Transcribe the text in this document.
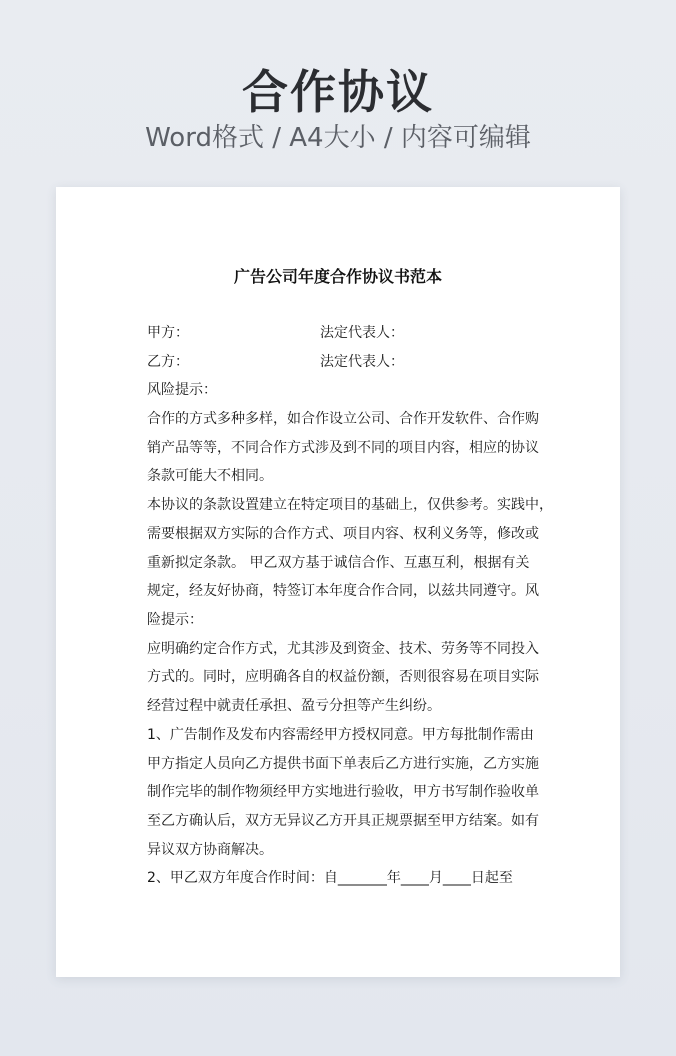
合作协议
Word格式 / A4大小 / 内容可编辑
广告公司年度合作协议书范本
甲方：	法定代表人：
乙方：	法定代表人：
风险提示：
合作的方式多种多样，如合作设立公司、合作开发软件、合作购
销产品等等，不同合作方式涉及到不同的项目内容，相应的协议
条款可能大不相同。
本协议的条款设置建立在特定项目的基础上，仅供参考。实践中，
需要根据双方实际的合作方式、项目内容、权利义务等，修改或
重新拟定条款。 甲乙双方基于诚信合作、互惠互利，根据有关
规定，经友好协商，特签订本年度合作合同，以兹共同遵守。风
险提示：
应明确约定合作方式，尤其涉及到资金、技术、劳务等不同投入
方式的。同时，应明确各自的权益份额，否则很容易在项目实际
经营过程中就责任承担、盈亏分担等产生纠纷。
1、广告制作及发布内容需经甲方授权同意。甲方每批制作需由
甲方指定人员向乙方提供书面下单表后乙方进行实施，乙方实施
制作完毕的制作物须经甲方实地进行验收，甲方书写制作验收单
至乙方确认后，双方无异议乙方开具正规票据至甲方结案。如有
异议双方协商解决。
2、甲乙双方年度合作时间：自_______年____月____日起至
